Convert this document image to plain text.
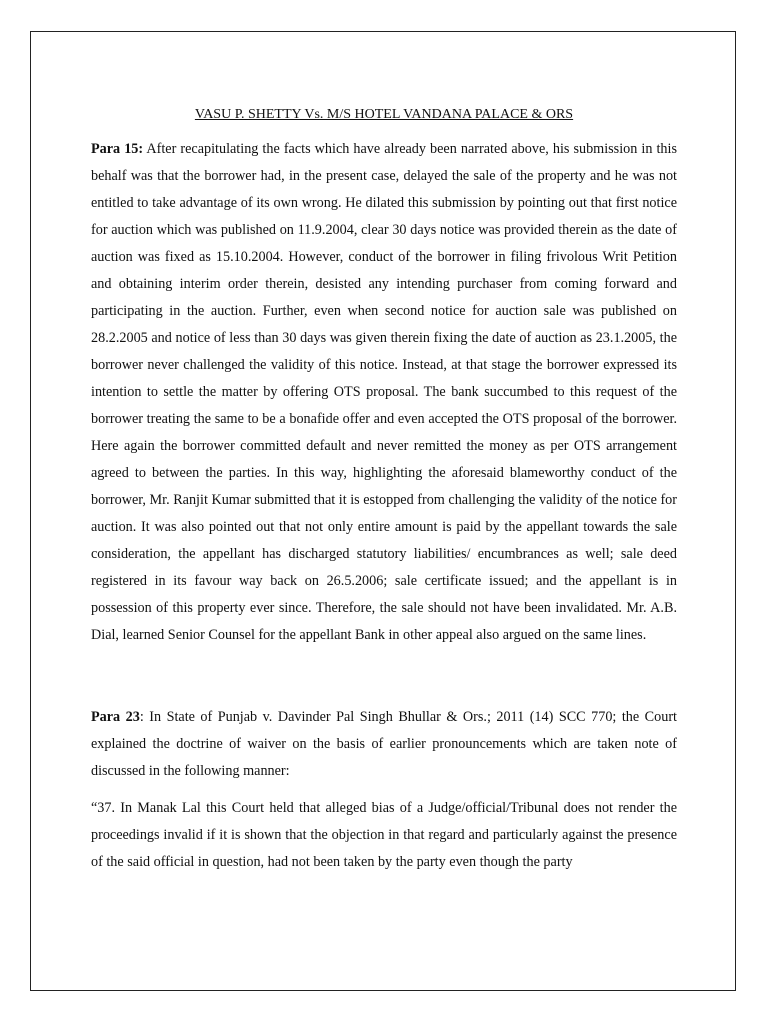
VASU P. SHETTY Vs. M/S HOTEL VANDANA PALACE & ORS

Para 15: After recapitulating the facts which have already been narrated above, his submission in this behalf was that the borrower had, in the present case, delayed the sale of the property and he was not entitled to take advantage of its own wrong. He dilated this submission by pointing out that first notice for auction which was published on 11.9.2004, clear 30 days notice was provided therein as the date of auction was fixed as 15.10.2004. However, conduct of the borrower in filing frivolous Writ Petition and obtaining interim order therein, desisted any intending purchaser from coming forward and participating in the auction. Further, even when second notice for auction sale was published on 28.2.2005 and notice of less than 30 days was given therein fixing the date of auction as 23.1.2005, the borrower never challenged the validity of this notice. Instead, at that stage the borrower expressed its intention to settle the matter by offering OTS proposal. The bank succumbed to this request of the borrower treating the same to be a bonafide offer and even accepted the OTS proposal of the borrower. Here again the borrower committed default and never remitted the money as per OTS arrangement agreed to between the parties. In this way, highlighting the aforesaid blameworthy conduct of the borrower, Mr. Ranjit Kumar submitted that it is estopped from challenging the validity of the notice for auction. It was also pointed out that not only entire amount is paid by the appellant towards the sale consideration, the appellant has discharged statutory liabilities/ encumbrances as well; sale deed registered in its favour way back on 26.5.2006; sale certificate issued; and the appellant is in possession of this property ever since. Therefore, the sale should not have been invalidated. Mr. A.B. Dial, learned Senior Counsel for the appellant Bank in other appeal also argued on the same lines.

Para 23: In State of Punjab v. Davinder Pal Singh Bhullar & Ors.; 2011 (14) SCC 770; the Court explained the doctrine of waiver on the basis of earlier pronouncements which are taken note of discussed in the following manner:

“37. In Manak Lal this Court held that alleged bias of a Judge/official/Tribunal does not render the proceedings invalid if it is shown that the objection in that regard and particularly against the presence of the said official in question, had not been taken by the party even though the party
